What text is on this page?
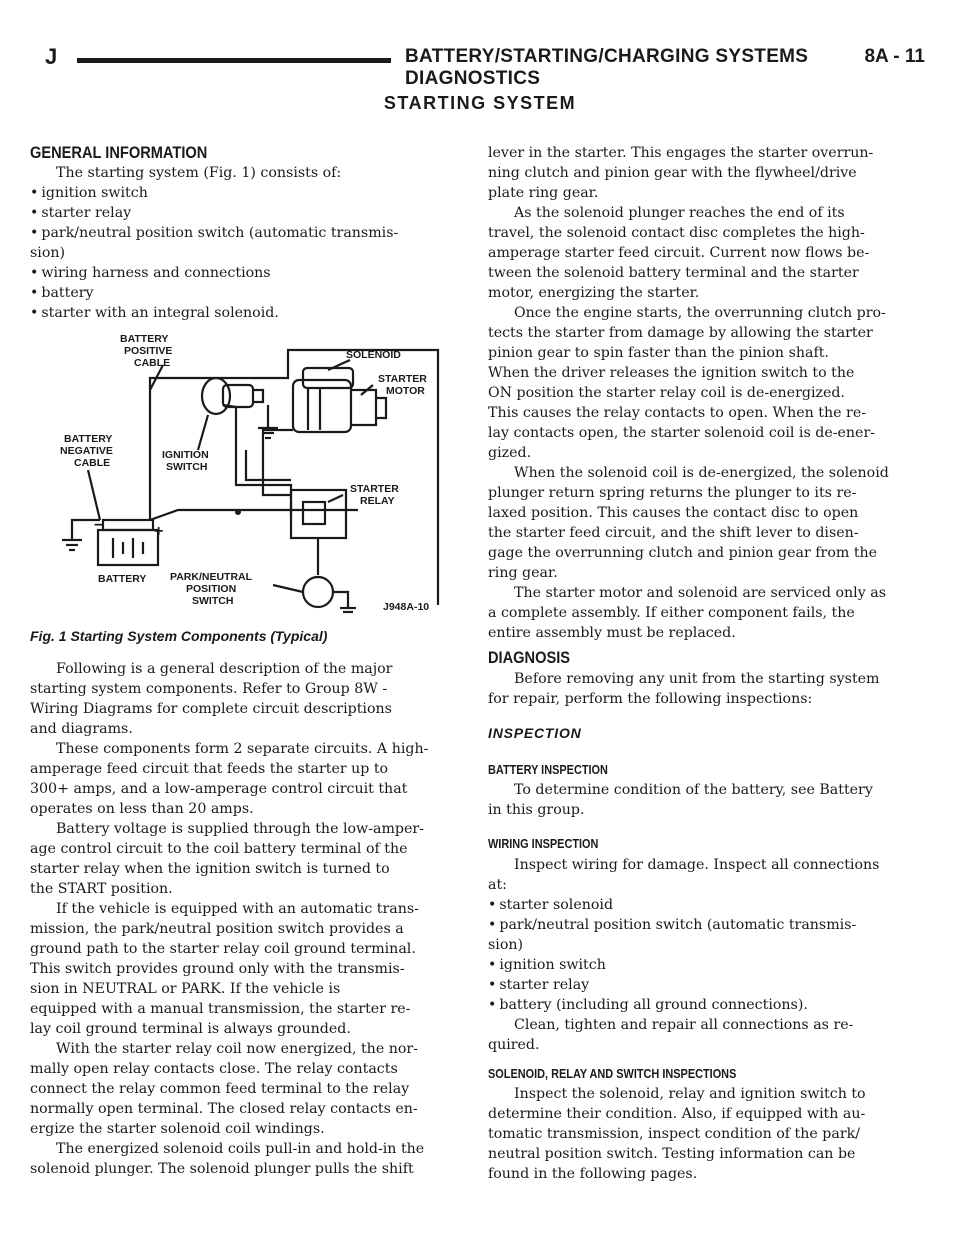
J	BATTERY/STARTING/CHARGING SYSTEMS DIAGNOSTICS
8A - 11
STARTING SYSTEM
GENERAL INFORMATION

The starting system (Fig. 1) consists of:

• ignition switch

• starter relay

• park/neutral position switch (automatic transmis-

sion)

• wiring harness and connections

• battery

• starter with an integral solenoid.

BATTERY
POSITIVE
CABLE
SOLENOID
STARTER
MOTOR
BATTERY
NEGATIVE
CABLE
IGNITION
SWITCH
STARTER
RELAY
BATTERY PARK/NEUTRAL
POSITION
SWITCH	J948A-10
−	+
Fig. 1 Starting System Components (Typical)

Following is a general description of the major

starting system components. Refer to Group 8W -

Wiring Diagrams for complete circuit descriptions

and diagrams.

These components form 2 separate circuits. A high-

amperage feed circuit that feeds the starter up to

300+ amps, and a low-amperage control circuit that

operates on less than 20 amps.

Battery voltage is supplied through the low-amper-

age control circuit to the coil battery terminal of the

starter relay when the ignition switch is turned to

the START position.

If the vehicle is equipped with an automatic trans-

mission, the park/neutral position switch provides a

ground path to the starter relay coil ground terminal.

This switch provides ground only with the transmis-

sion in NEUTRAL or PARK. If the vehicle is

equipped with a manual transmission, the starter re-

lay coil ground terminal is always grounded.

With the starter relay coil now energized, the nor-

mally open relay contacts close. The relay contacts

connect the relay common feed terminal to the relay

normally open terminal. The closed relay contacts en-

ergize the starter solenoid coil windings.

The energized solenoid coils pull-in and hold-in the

solenoid plunger. The solenoid plunger pulls the shift

lever in the starter. This engages the starter overrun-

ning clutch and pinion gear with the flywheel/drive

plate ring gear.

As the solenoid plunger reaches the end of its

travel, the solenoid contact disc completes the high-

amperage starter feed circuit. Current now flows be-

tween the solenoid battery terminal and the starter

motor, energizing the starter.

Once the engine starts, the overrunning clutch pro-

tects the starter from damage by allowing the starter

pinion gear to spin faster than the pinion shaft.

When the driver releases the ignition switch to the

ON position the starter relay coil is de-energized.

This causes the relay contacts to open. When the re-

lay contacts open, the starter solenoid coil is de-ener-

gized.

When the solenoid coil is de-energized, the solenoid

plunger return spring returns the plunger to its re-

laxed position. This causes the contact disc to open

the starter feed circuit, and the shift lever to disen-

gage the overrunning clutch and pinion gear from the

ring gear.

The starter motor and solenoid are serviced only as

a complete assembly. If either component fails, the

entire assembly must be replaced.

DIAGNOSIS

Before removing any unit from the starting system

for repair, perform the following inspections:

INSPECTION
BATTERY INSPECTION

To determine condition of the battery, see Battery

in this group.

WIRING INSPECTION

Inspect wiring for damage. Inspect all connections

at:

• starter solenoid

• park/neutral position switch (automatic transmis-

sion)

• ignition switch

• starter relay

• battery (including all ground connections).

Clean, tighten and repair all connections as re-

quired.

SOLENOID, RELAY AND SWITCH INSPECTIONS

Inspect the solenoid, relay and ignition switch to

determine their condition. Also, if equipped with au-

tomatic transmission, inspect condition of the park/

neutral position switch. Testing information can be

found in the following pages.
